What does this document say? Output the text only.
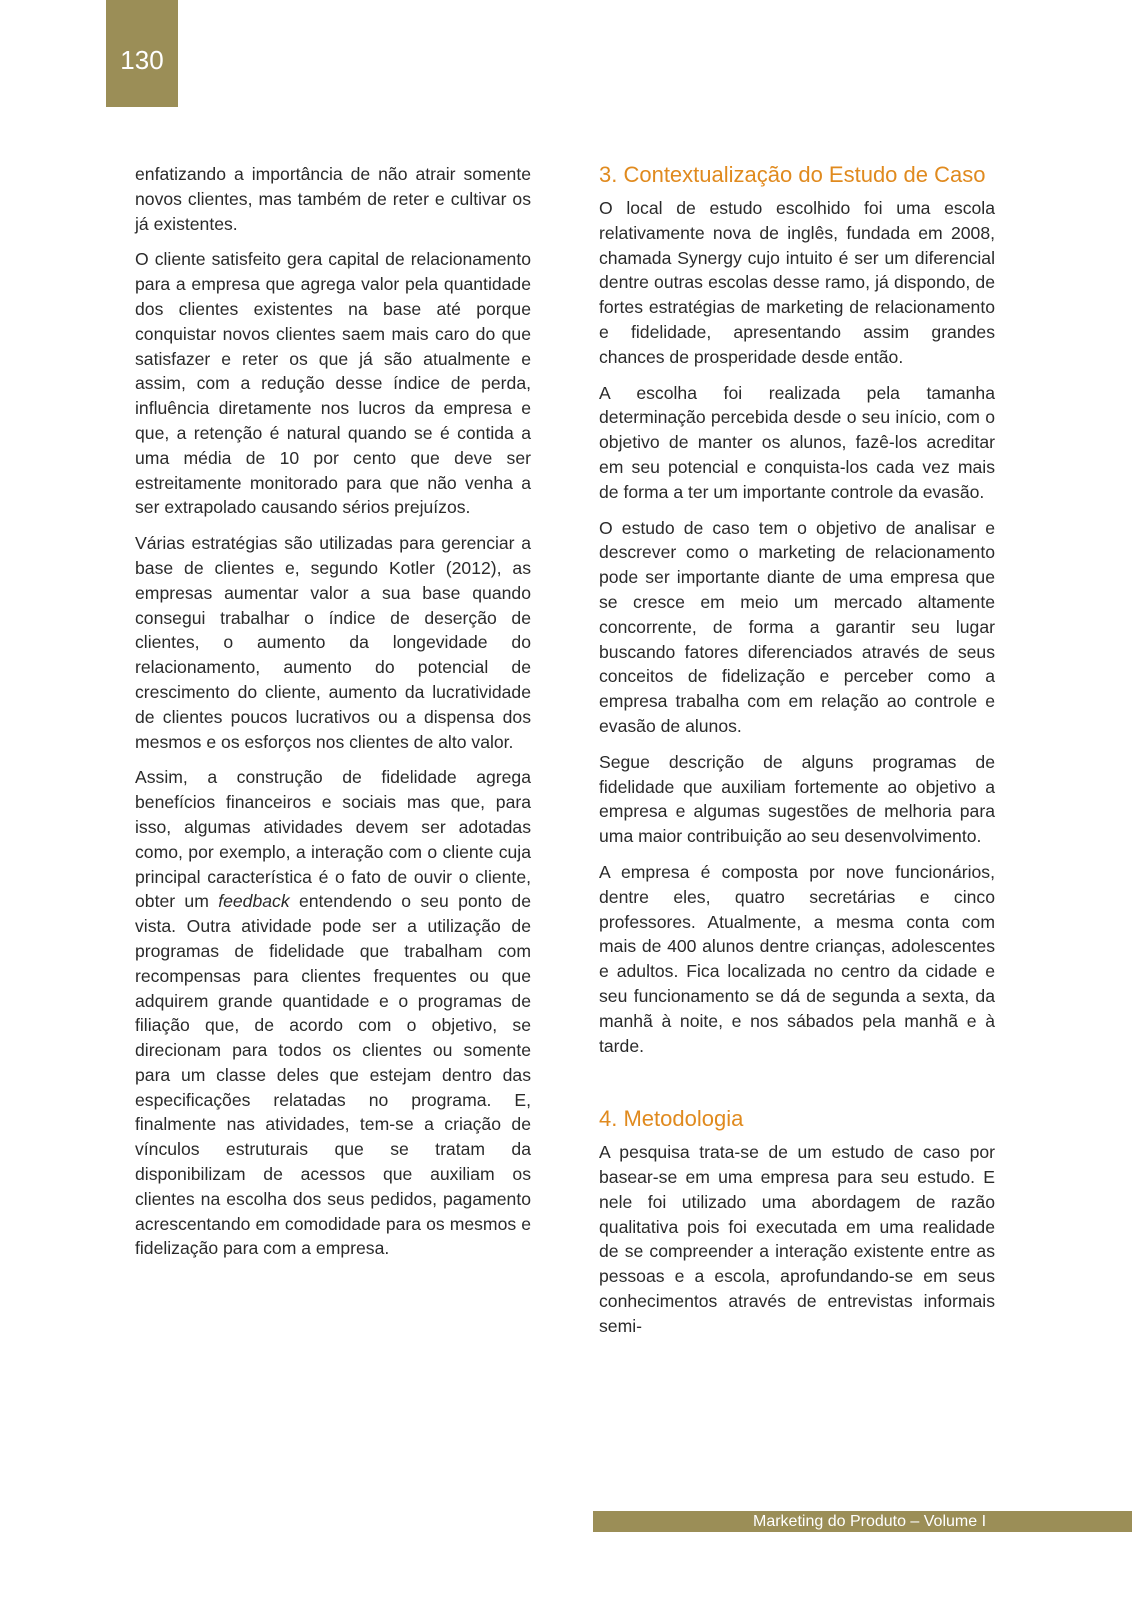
130

enfatizando a importância de não atrair somente novos clientes, mas também de reter e cultivar os já existentes.

O cliente satisfeito gera capital de relacionamento para a empresa que agrega valor pela quantidade dos clientes existentes na base até porque conquistar novos clientes saem mais caro do que satisfazer e reter os que já são atualmente e assim, com a redução desse índice de perda, influência diretamente nos lucros da empresa e que, a retenção é natural quando se é contida a uma média de 10 por cento que deve ser estreitamente monitorado para que não venha a ser extrapolado causando sérios prejuízos.

Várias estratégias são utilizadas para gerenciar a base de clientes e, segundo Kotler (2012), as empresas aumentar valor a sua base quando consegui trabalhar o índice de deserção de clientes, o aumento da longevidade do relacionamento, aumento do potencial de crescimento do cliente, aumento da lucratividade de clientes poucos lucrativos ou a dispensa dos mesmos e os esforços nos clientes de alto valor.

Assim, a construção de fidelidade agrega benefícios financeiros e sociais mas que, para isso, algumas atividades devem ser adotadas como, por exemplo, a interação com o cliente cuja principal característica é o fato de ouvir o cliente, obter um feedback entendendo o seu ponto de vista. Outra atividade pode ser a utilização de programas de fidelidade que trabalham com recompensas para clientes frequentes ou que adquirem grande quantidade e o programas de filiação que, de acordo com o objetivo, se direcionam para todos os clientes ou somente para um classe deles que estejam dentro das especificações relatadas no programa. E, finalmente nas atividades, tem-se a criação de vínculos estruturais que se tratam da disponibilizam de acessos que auxiliam os clientes na escolha dos seus pedidos, pagamento acrescentando em comodidade para os mesmos e fidelização para com a empresa.

3. Contextualização do Estudo de Caso

O local de estudo escolhido foi uma escola relativamente nova de inglês, fundada em 2008, chamada Synergy cujo intuito é ser um diferencial dentre outras escolas desse ramo, já dispondo, de fortes estratégias de marketing de relacionamento e fidelidade, apresentando assim grandes chances de prosperidade desde então.

A escolha foi realizada pela tamanha determinação percebida desde o seu início, com o objetivo de manter os alunos, fazê-los acreditar em seu potencial e conquista-los cada vez mais de forma a ter um importante controle da evasão.

O estudo de caso tem o objetivo de analisar e descrever como o marketing de relacionamento pode ser importante diante de uma empresa que se cresce em meio um mercado altamente concorrente, de forma a garantir seu lugar buscando fatores diferenciados através de seus conceitos de fidelização e perceber como a empresa trabalha com em relação ao controle e evasão de alunos.

Segue descrição de alguns programas de fidelidade que auxiliam fortemente ao objetivo a empresa e algumas sugestões de melhoria para uma maior contribuição ao seu desenvolvimento.

A empresa é composta por nove funcionários, dentre eles, quatro secretárias e cinco professores. Atualmente, a mesma conta com mais de 400 alunos dentre crianças, adolescentes e adultos. Fica localizada no centro da cidade e seu funcionamento se dá de segunda a sexta, da manhã à noite, e nos sábados pela manhã e à tarde.

4. Metodologia

A pesquisa trata-se de um estudo de caso por basear-se em uma empresa para seu estudo. E nele foi utilizado uma abordagem de razão qualitativa pois foi executada em uma realidade de se compreender a interação existente entre as pessoas e a escola, aprofundando-se em seus conhecimentos através de entrevistas informais semi-

Marketing do Produto – Volume I
